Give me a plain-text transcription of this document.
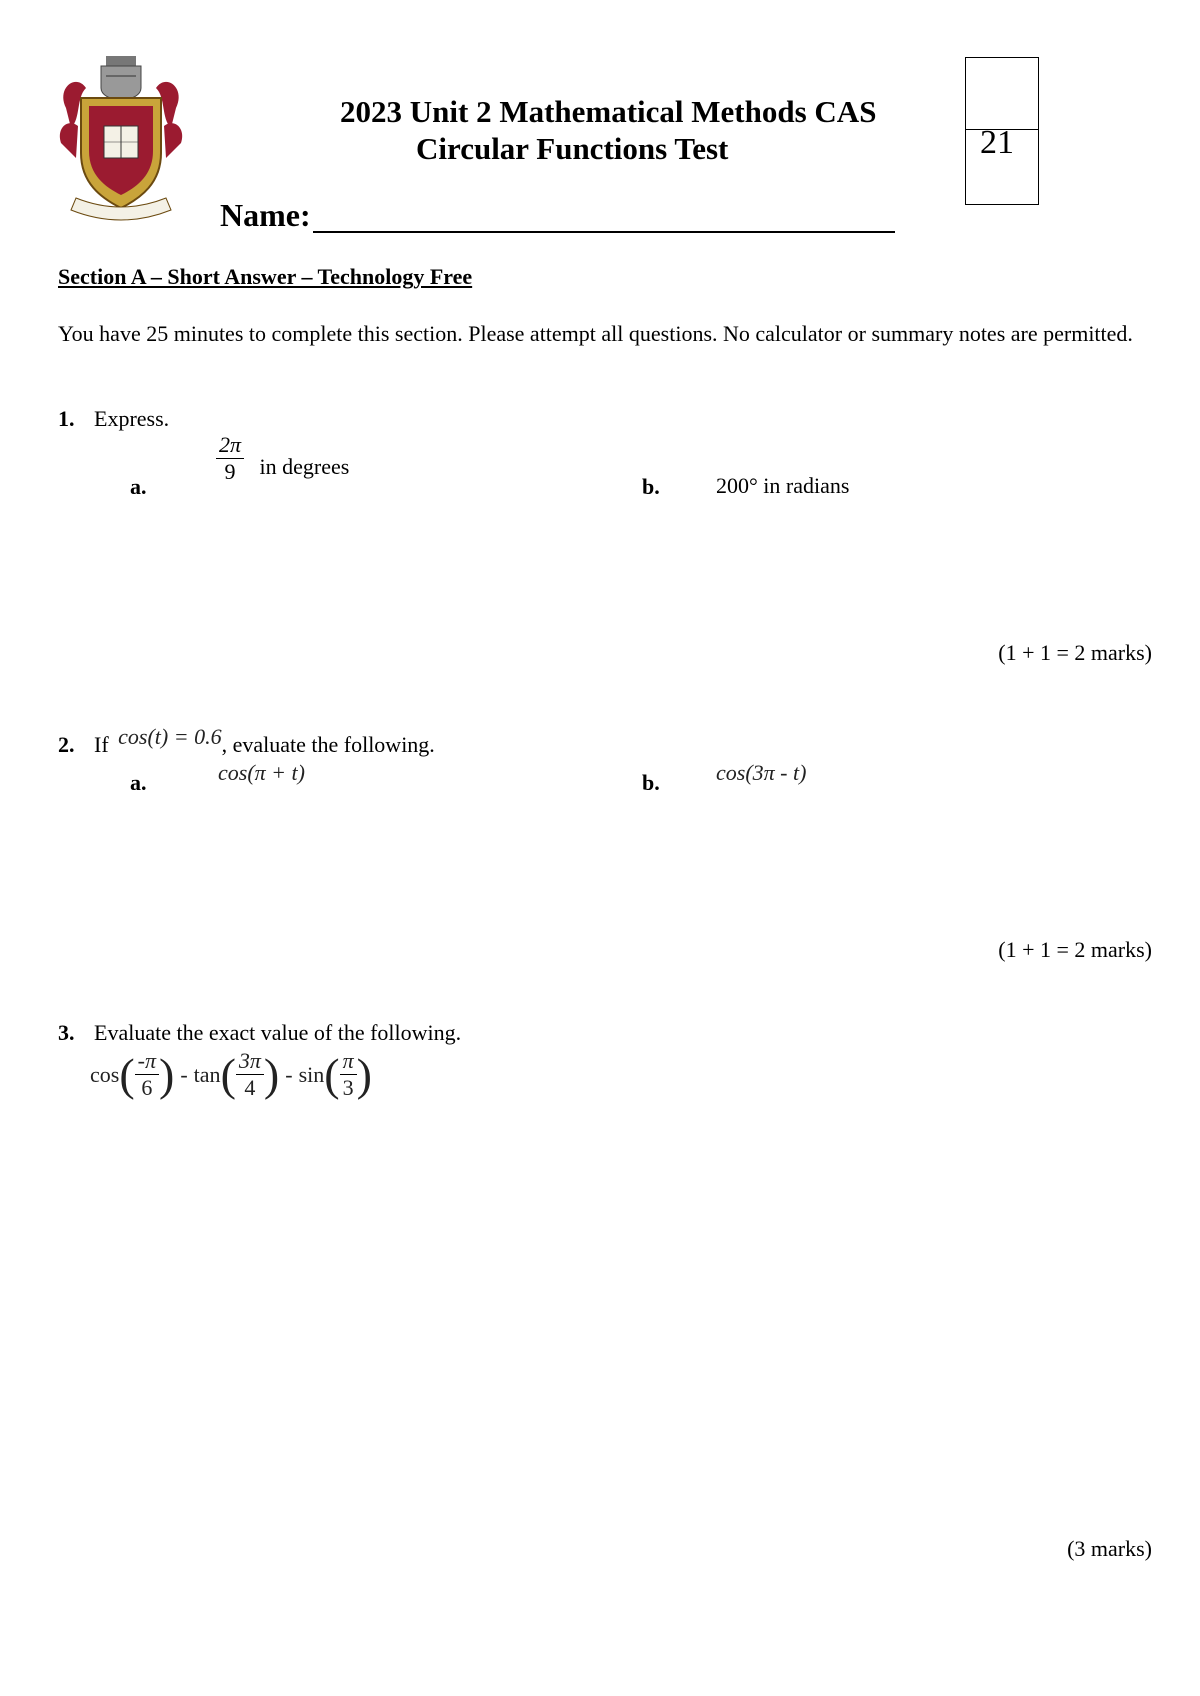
2023 Unit 2 Mathematical Methods CAS
Circular Functions Test
Name:
21
Section A – Short Answer – Technology Free
You have 25 minutes to complete this section. Please attempt all questions. No calculator or summary notes are permitted.
1. Express.
a.
$\frac{2\pi}{9}$ in degrees
b.	200° in radians
(1 + 1 = 2 marks)
2. If cos(t) = 0.6, evaluate the following.
a.	cos(π + t)	b.	cos(3π - t)
(1 + 1 = 2 marks)
3. Evaluate the exact value of the following.
cos ( $\frac{-\pi}{6}$ ) - tan ( $\frac{3\pi}{4}$ ) - sin ( $\frac{\pi}{3}$ )
(3 marks)
